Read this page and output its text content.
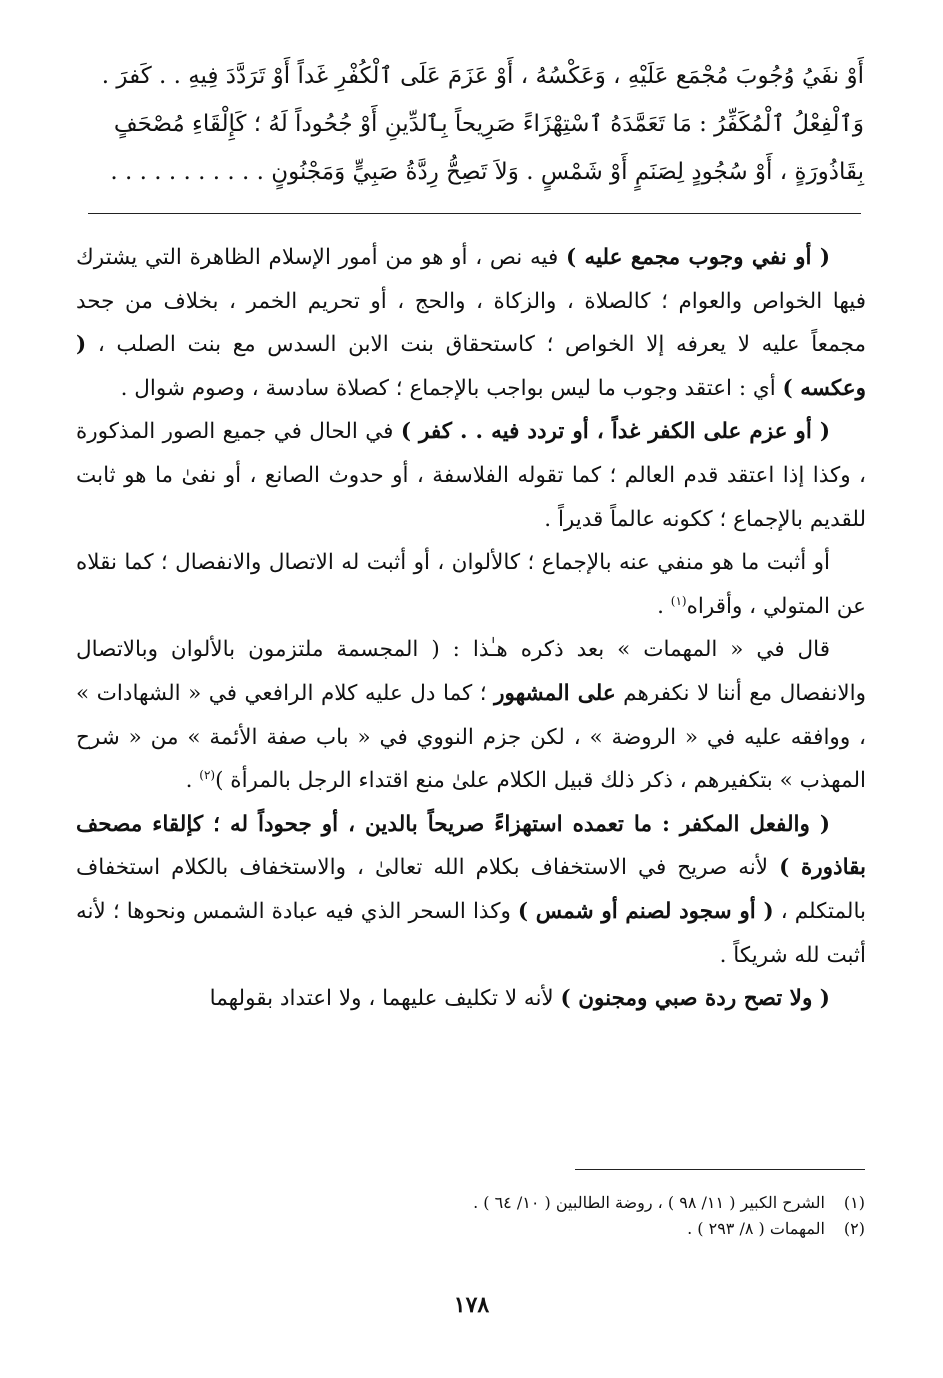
أَوْ نفَيُ وُجُوبَ مُجْمَع عَلَيْهِ ، وَعَكْسُهُ ، أَوْ عَزَمَ عَلَى ٱلْكُفْرِ غَداً أَوْ تَرَدَّدَ فِيهِ . . كَفرَ .

وَٱلْفِعْلُ ٱلْمُكَفِّرُ : مَا تَعَمَّدَهُ ٱسْتِهْزَاءً صَرِيحاً بِٱلدِّينِ أَوْ جُحُوداً لَهُ ؛ كَإِلْقَاءِ مُصْحَفٍ

بِقَاذُورَةٍ ، أَوْ سُجُودٍ لِصَنَمٍ أَوْ شَمْسٍ . وَلاَ تَصِحُّ رِدَّةُ صَبِيٍّ وَمَجْنُونٍ . . . . . . . . . . .

( أو نفي وجوب مجمع عليه ) فيه نص ، أو هو من أمور الإسلام الظاهرة التي يشترك فيها الخواص والعوام ؛ كالصلاة ، والزكاة ، والحج ، أو تحريم الخمر ، بخلاف من جحد مجمعاً عليه لا يعرفه إلا الخواص ؛ كاستحقاق بنت الابن السدس مع بنت الصلب ، ( وعكسه ) أي : اعتقد وجوب ما ليس بواجب بالإجماع ؛ كصلاة سادسة ، وصوم شوال .

( أو عزم على الكفر غداً ، أو تردد فيه . . كفر ) في الحال في جميع الصور المذكورة ، وكذا إذا اعتقد قدم العالم ؛ كما تقوله الفلاسفة ، أو حدوث الصانع ، أو نفىٰ ما هو ثابت للقديم بالإجماع ؛ ككونه عالماً قديراً .

أو أثبت ما هو منفي عنه بالإجماع ؛ كالألوان ، أو أثبت له الاتصال والانفصال ؛ كما نقلاه عن المتولي ، وأقراه$^{(١)}$ .

قال في « المهمات » بعد ذكره هـٰذا : ( المجسمة ملتزمون بالألوان وبالاتصال والانفصال مع أننا لا نكفرهم على المشهور ؛ كما دل عليه كلام الرافعي في « الشهادات » ، ووافقه عليه في « الروضة » ، لكن جزم النووي في « باب صفة الأئمة » من « شرح المهذب » بتكفيرهم ، ذكر ذلك قبيل الكلام علىٰ منع اقتداء الرجل بالمرأة )$^{(٢)}$ .

( والفعل المكفر : ما تعمده استهزاءً صريحاً بالدين ، أو جحوداً له ؛ كإلقاء مصحف بقاذورة ) لأنه صريح في الاستخفاف بكلام الله تعالىٰ ، والاستخفاف بالكلام استخفاف بالمتكلم ، ( أو سجود لصنم أو شمس ) وكذا السحر الذي فيه عبادة الشمس ونحوها ؛ لأنه أثبت لله شريكاً .

( ولا تصح ردة صبي ومجنون ) لأنه لا تكليف عليهما ، ولا اعتداد بقولهما

(١)الشرح الكبير ( ١١/ ٩٨ ) ، روضة الطالبين ( ١٠/ ٦٤ ) .

(٢)المهمات ( ٨/ ٢٩٣ ) .

١٧٨
